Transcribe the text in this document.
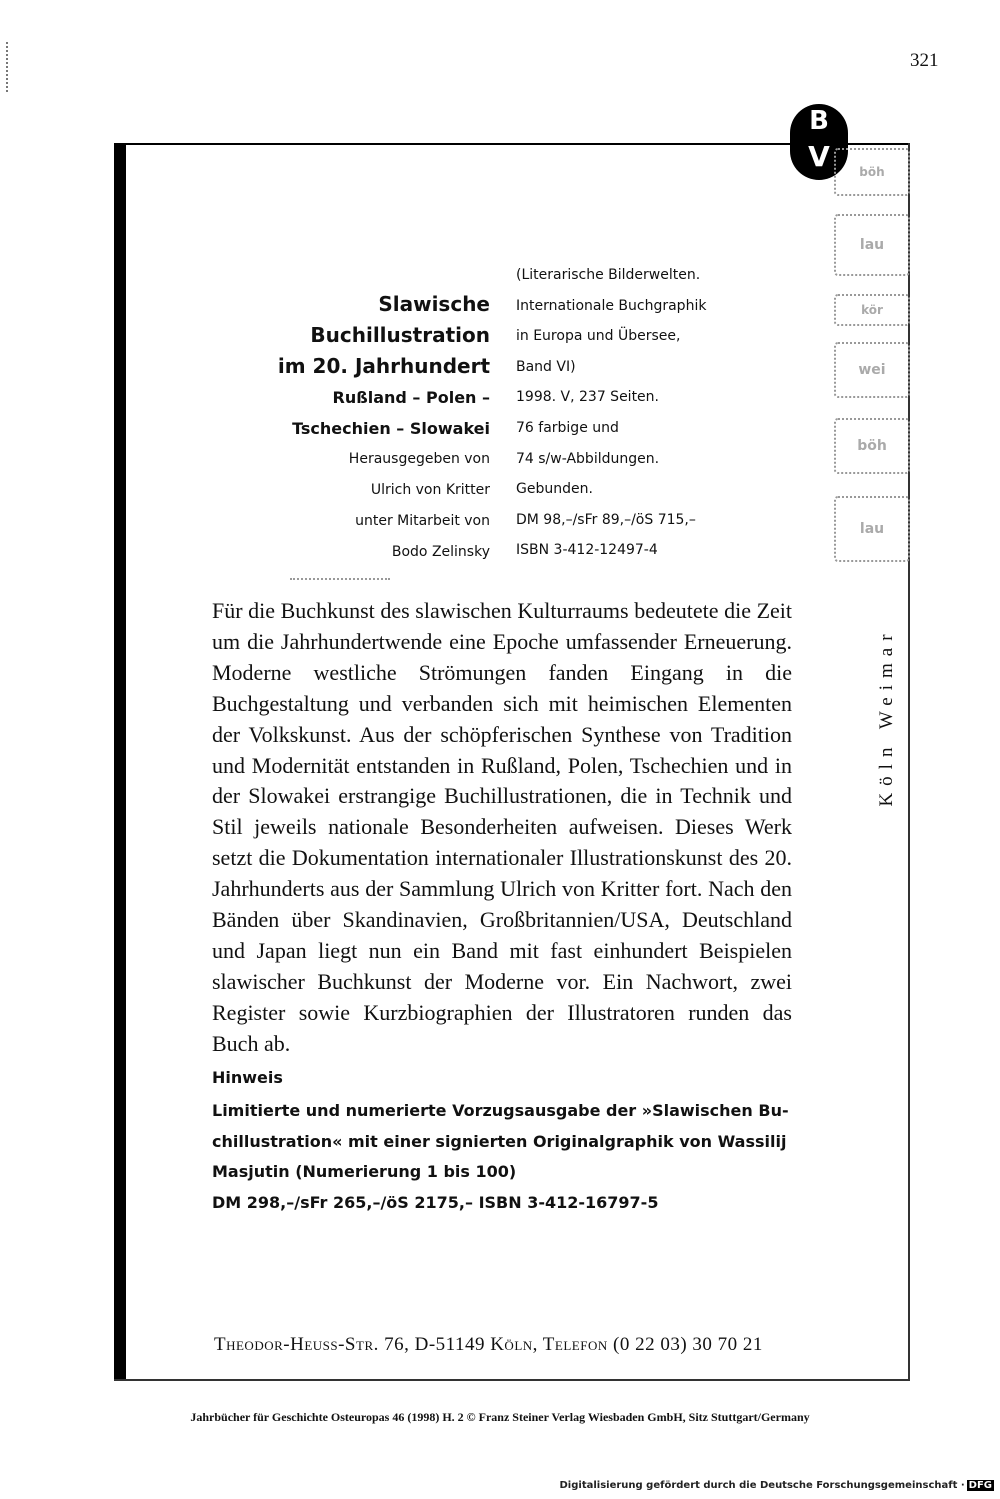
321
B
V	böh
lau
kör
wei
böh
lau
Köln Weimar
Slawische
Buchillustration
im 20. Jahrhundert
Rußland – Polen –
Tschechien – Slowakei
Herausgegeben von
Ulrich von Kritter
unter Mitarbeit von
Bodo Zelinsky
(Literarische Bilderwelten.
Internationale Buchgraphik
in Europa und Übersee,
Band VI)
1998. V, 237 Seiten.
76 farbige und
74 s/w-Abbildungen.
Gebunden.
DM 98,–/sFr 89,–/öS 715,–
ISBN 3-412-12497-4

Für die Buchkunst des slawischen Kulturraums bedeutete die Zeit um die Jahrhundertwende eine Epoche umfassender Erneuerung. Moderne westliche Strömungen fanden Eingang in die Buchgestaltung und verbanden sich mit heimischen Elementen der Volkskunst. Aus der schöpferischen Synthese von Tradition und Modernität entstanden in Rußland, Polen, Tschechien und in der Slowakei erstrangige Buchillustrationen, die in Technik und Stil jeweils nationale Besonderheiten aufweisen. Dieses Werk setzt die Dokumentation internationaler Illustrationskunst des 20. Jahrhunderts aus der Sammlung Ulrich von Kritter fort. Nach den Bänden über Skandinavien, Großbritannien/USA, Deutschland und Japan liegt nun ein Band mit fast einhundert Beispielen slawischer Buchkunst der Moderne vor. Ein Nachwort, zwei Register sowie Kurzbiographien der Illustratoren runden das Buch ab.

Hinweis
Limitierte und numerierte Vorzugsausgabe der »Slawischen Bu-
chillustration« mit einer signierten Originalgraphik von Wassilij
Masjutin (Numerierung 1 bis 100)
DM 298,–/sFr 265,–/öS 2175,– ISBN 3-412-16797-5
Theodor-Heuss-Str. 76, D-51149 Köln, Telefon (0 22 03) 30 70 21
Jahrbücher für Geschichte Osteuropas 46 (1998) H. 2 © Franz Steiner Verlag Wiesbaden GmbH, Sitz Stuttgart/Germany
Digitalisierung gefördert durch die Deutsche Forschungsgemeinschaft · DFG
